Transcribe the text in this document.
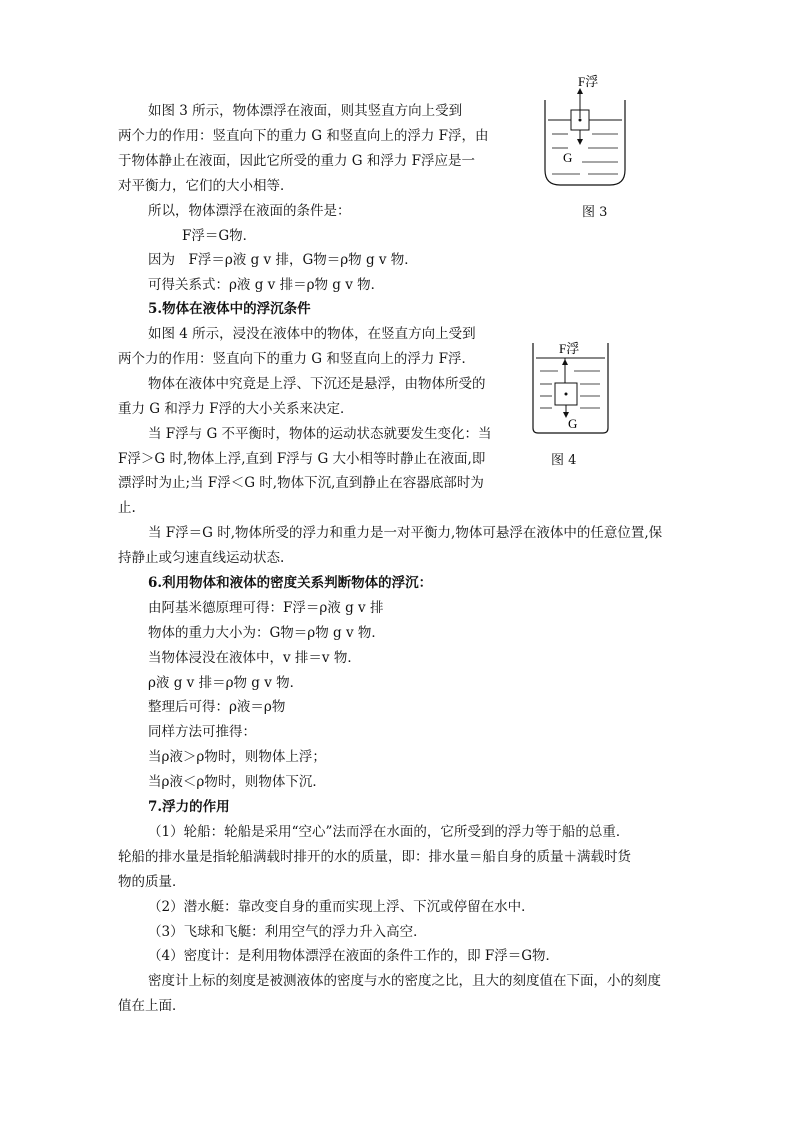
如图 3 所示，物体漂浮在液面，则其竖直方向上受到
两个力的作用：竖直向下的重力 G 和竖直向上的浮力 F浮，由
于物体静止在液面，因此它所受的重力 G 和浮力 F浮应是一
对平衡力，它们的大小相等．
所以，物体漂浮在液面的条件是：
F浮＝G物．
因为　F浮＝ρ液 g v 排，G物＝ρ物 g v 物．
可得关系式：ρ液 g v 排＝ρ物 g v 物．
5.物体在液体中的浮沉条件
如图 4 所示，浸没在液体中的物体，在竖直方向上受到
两个力的作用：竖直向下的重力 G 和竖直向上的浮力 F浮．
物体在液体中究竟是上浮、下沉还是悬浮，由物体所受的
重力 G 和浮力 F浮的大小关系来决定．
当 F浮与 G 不平衡时，物体的运动状态就要发生变化：当
F浮＞G 时,物体上浮,直到 F浮与 G 大小相等时静止在液面,即
漂浮时为止;当 F浮＜G 时,物体下沉,直到静止在容器底部时为
止.
当 F浮＝G 时,物体所受的浮力和重力是一对平衡力,物体可悬浮在液体中的任意位置,保
持静止或匀速直线运动状态.
6.利用物体和液体的密度关系判断物体的浮沉：
由阿基米德原理可得：F浮＝ρ液 g v 排
物体的重力大小为：G物＝ρ物 g v 物．
当物体浸没在液体中，v 排＝v 物．
ρ液 g v 排＝ρ物 g v 物．
整理后可得：ρ液＝ρ物
同样方法可推得：
当ρ液＞ρ物时，则物体上浮；
当ρ液＜ρ物时，则物体下沉．
7.浮力的作用
（1）轮船：轮船是采用“空心”法而浮在水面的，它所受到的浮力等于船的总重．
轮船的排水量是指轮船满载时排开的水的质量，即：排水量＝船自身的质量＋满载时货
物的质量．
（2）潜水艇：靠改变自身的重而实现上浮、下沉或停留在水中．
（3）飞球和飞艇：利用空气的浮力升入高空．
（4）密度计：是利用物体漂浮在液面的条件工作的，即 F浮＝G物．
密度计上标的刻度是被测液体的密度与水的密度之比，且大的刻度值在下面，小的刻度
值在上面．
F浮
G
图 3
F浮
G
图 4
